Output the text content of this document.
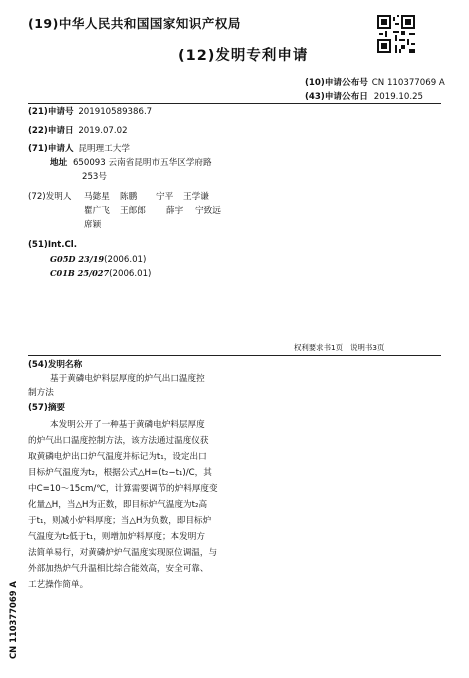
(19)中华人民共和国国家知识产权局
(12)发明专利申请
(10)申请公布号 CN 110377069 A
(43)申请公布日 2019.10.25
(21)申请号 201910589386.7
(22)申请日 2019.07.02
(71)申请人 昆明理工大学
地址 650093 云南省昆明市五华区学府路
253号
(72)发明人 马懿星 陈鹏 宁平 王学谦
瞿广飞 王郎郎 薛宇 宁致远
席颖
(51)Int.Cl.
G05D 23/19(2006.01)
C01B 25/027(2006.01)
权利要求书1页   说明书3页
(54)发明名称
基于黄磷电炉料层厚度的炉气出口温度控
制方法
(57)摘要
本发明公开了一种基于黄磷电炉料层厚度
的炉气出口温度控制方法，该方法通过温度仪获
取黄磷电炉出口炉气温度并标记为t₁，设定出口
目标炉气温度为t₂，根据公式△H=(t₂−t₁)/C，其
中C=10～15cm/℃，计算需要调节的炉料厚度变
化量△H，当△H为正数，即目标炉气温度为t₂高
于t₁，则减小炉料厚度；当△H为负数，即目标炉
气温度为t₂低于t₁，则增加炉料厚度；本发明方
法简单易行，对黄磷炉炉气温度实现原位调温，与
外部加热炉气升温相比综合能效高，安全可靠、
工艺操作简单。
CN 110377069 A
